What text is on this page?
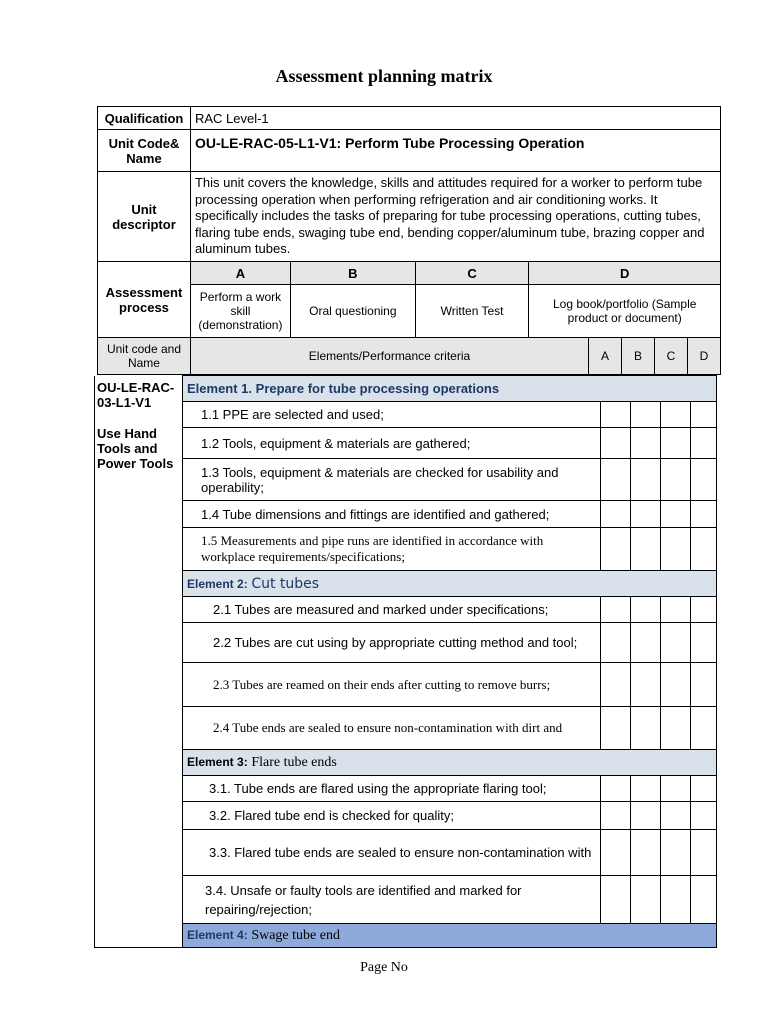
Assessment planning matrix
Qualification	RAC Level-1
Unit Code& Name	OU-LE-RAC-05-L1-V1: Perform Tube Processing Operation
Unit descriptor	This unit covers the knowledge, skills and attitudes required for a worker to perform tube processing operation when performing refrigeration and air conditioning works. It specifically includes the tasks of preparing for tube processing operations, cutting tubes, flaring tube ends, swaging tube end, bending copper/aluminum tube, brazing copper and aluminum tubes.
Assessment process	A	B	C	D
Perform a work skill (demonstration)	Oral questioning	Written Test	Log book/portfolio (Sample product or document)
Unit code and Name		Elements/Performance criteria	A	B	C	D
OU-LE-RAC-03-L1-V1
Use Hand Tools and Power Tools	Element 1. Prepare for tube processing operations				
	1.1 PPE are selected and used;				
	1.2 Tools, equipment & materials are gathered;				
	1.3 Tools, equipment & materials are checked for usability and operability;				
	1.4 Tube dimensions and fittings are identified and gathered;				
	1.5 Measurements and pipe runs are identified in accordance with workplace requirements/specifications;				
	Element 2: Cut tubes				
	2.1 Tubes are measured and marked under specifications;				
	2.2 Tubes are cut using by appropriate cutting method and tool;				
	2.3 Tubes are reamed on their ends after cutting to remove burrs;				
	2.4 Tube ends are sealed to ensure non-contamination with dirt and				
	Element 3: Flare tube ends				
	3.1. Tube ends are flared using the appropriate flaring tool;				
	3.2. Flared tube end is checked for quality;				
	3.3. Flared tube ends are sealed to ensure non-contamination with				
	3.4. Unsafe or faulty tools are identified and marked for repairing/rejection;				
	Element 4: Swage tube end				
Page No
